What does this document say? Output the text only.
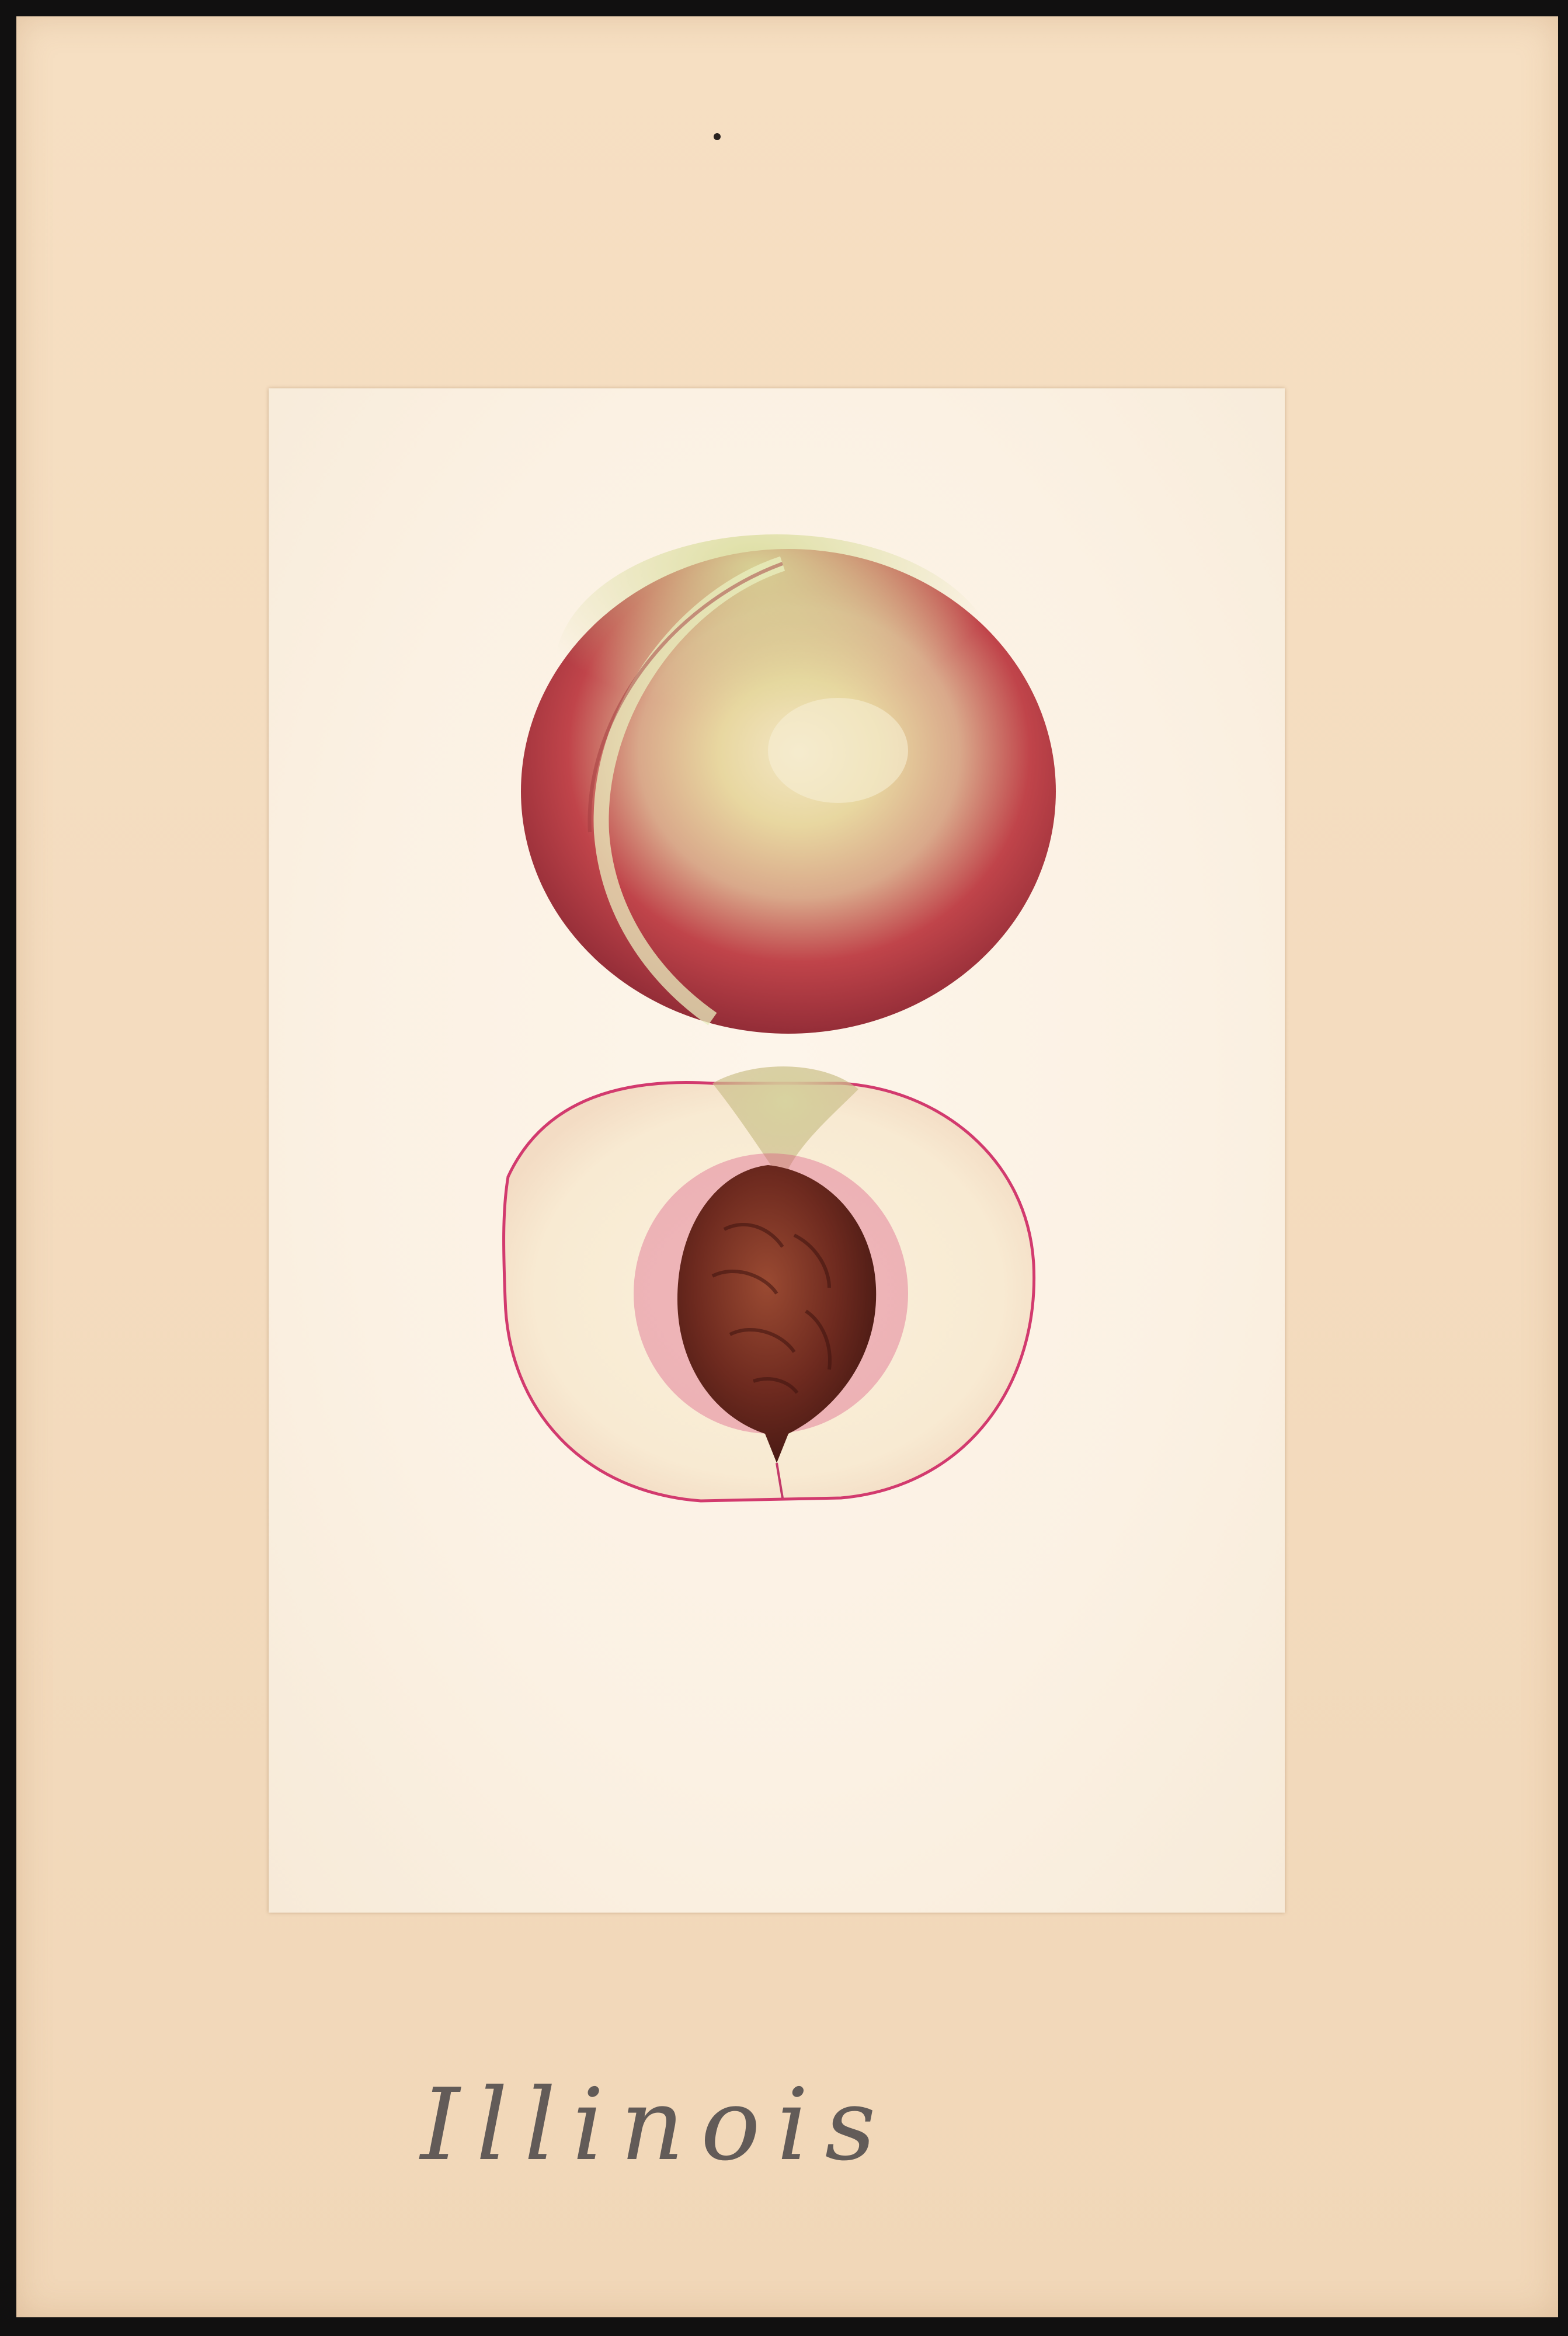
Illinois
